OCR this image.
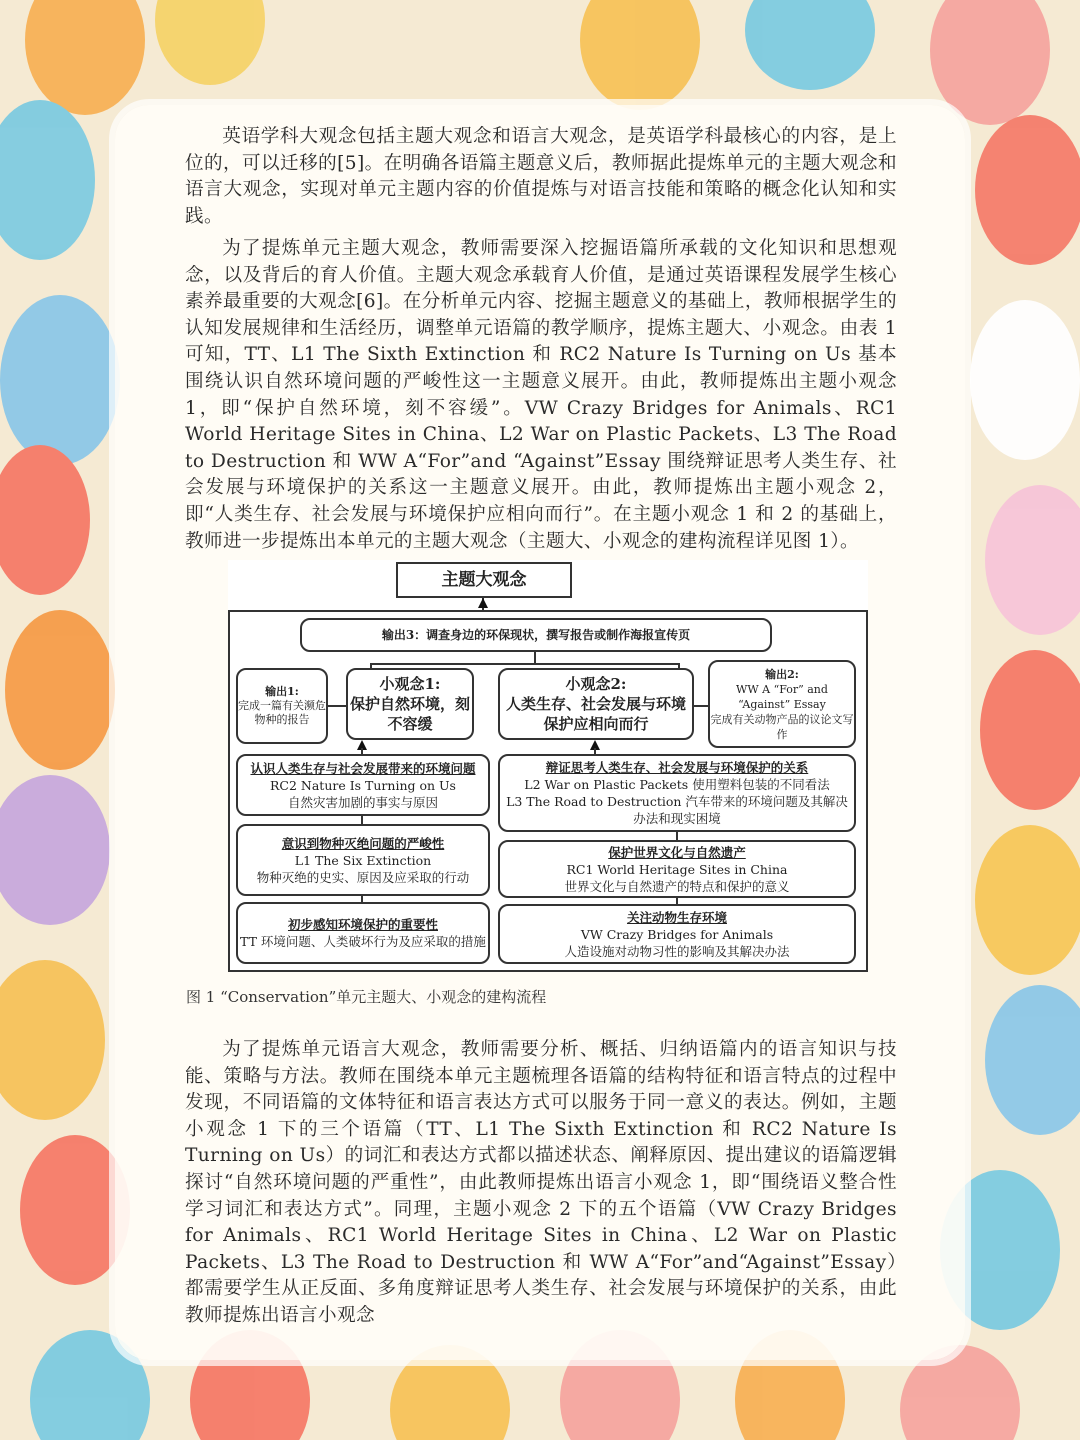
英语学科大观念包括主题大观念和语言大观念，是英语学科最核心的内容，是上位的，可以迁移的[5]。在明确各语篇主题意义后，教师据此提炼单元的主题大观念和语言大观念，实现对单元主题内容的价值提炼与对语言技能和策略的概念化认知和实践。

为了提炼单元主题大观念，教师需要深入挖掘语篇所承载的文化知识和思想观念，以及背后的育人价值。主题大观念承载育人价值，是通过英语课程发展学生核心素养最重要的大观念[6]。在分析单元内容、挖掘主题意义的基础上，教师根据学生的认知发展规律和生活经历，调整单元语篇的教学顺序，提炼主题大、小观念。由表 1 可知，TT、L1 The Sixth Extinction 和 RC2 Nature Is Turning on Us 基本围绕认识自然环境问题的严峻性这一主题意义展开。由此，教师提炼出主题小观念 1，即“保护自然环境，刻不容缓”。VW Crazy Bridges for Animals、RC1 World Heritage Sites in China、L2 War on Plastic Packets、L3 The Road to Destruction 和 WW A“For”and “Against”Essay 围绕辩证思考人类生存、社会发展与环境保护的关系这一主题意义展开。由此，教师提炼出主题小观念 2，即“人类生存、社会发展与环境保护应相向而行”。在主题小观念 1 和 2 的基础上，教师进一步提炼出本单元的主题大观念（主题大、小观念的建构流程详见图 1）。

主题大观念
输出3：调查身边的环保现状，撰写报告或制作海报宣传页
输出1:
完成一篇有关濒危物种的报告
小观念1:
保护自然环境，刻不容缓
小观念2:
人类生存、社会发展与环境保护应相向而行
输出2:
WW A “For” and “Against” Essay
完成有关动物产品的议论文写作
认识人类生存与社会发展带来的环境问题
RC2 Nature Is Turning on Us
自然灾害加剧的事实与原因
意识到物种灭绝问题的严峻性
L1 The Six Extinction
物种灭绝的史实、原因及应采取的行动
初步感知环境保护的重要性
TT 环境问题、人类破坏行为及应采取的措施
辩证思考人类生存、社会发展与环境保护的关系
L2 War on Plastic Packets 使用塑料包装的不同看法
L3 The Road to Destruction 汽车带来的环境问题及其解决办法和现实困境
保护世界文化与自然遗产
RC1 World Heritage Sites in China
世界文化与自然遗产的特点和保护的意义
关注动物生存环境
VW Crazy Bridges for Animals
人造设施对动物习性的影响及其解决办法
图 1 “Conservation”单元主题大、小观念的建构流程

为了提炼单元语言大观念，教师需要分析、概括、归纳语篇内的语言知识与技能、策略与方法。教师在围绕本单元主题梳理各语篇的结构特征和语言特点的过程中发现，不同语篇的文体特征和语言表达方式可以服务于同一意义的表达。例如，主题小观念 1 下的三个语篇（TT、L1 The Sixth Extinction 和 RC2 Nature Is Turning on Us）的词汇和表达方式都以描述状态、阐释原因、提出建议的语篇逻辑探讨“自然环境问题的严重性”，由此教师提炼出语言小观念 1，即“围绕语义整合性学习词汇和表达方式”。同理，主题小观念 2 下的五个语篇（VW Crazy Bridges for Animals、RC1 World Heritage Sites in China、L2 War on Plastic Packets、L3 The Road to Destruction 和 WW A“For”and“Against”Essay）都需要学生从正反面、多角度辩证思考人类生存、社会发展与环境保护的关系，由此教师提炼出语言小观念
